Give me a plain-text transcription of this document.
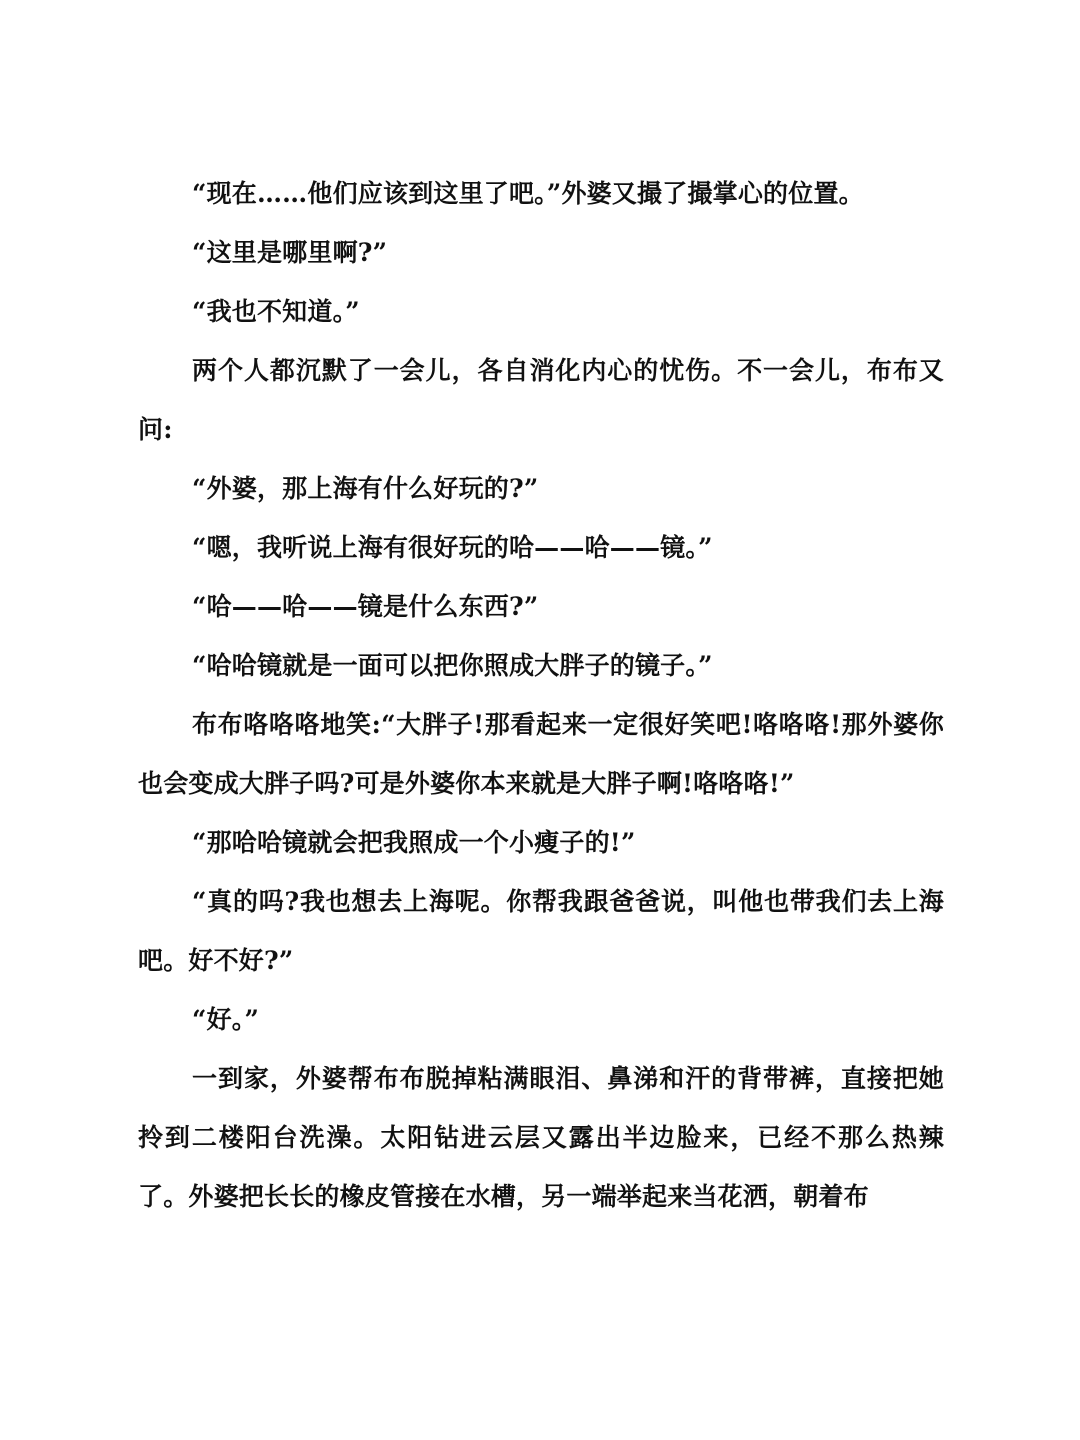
“现在……他们应该到这里了吧。”外婆又撮了撮掌心的位置。

“这里是哪里啊?”

“我也不知道。”

两个人都沉默了一会儿，各自消化内心的忧伤。不一会儿，布布又问:

“外婆，那上海有什么好玩的?”

“嗯，我听说上海有很好玩的哈——哈——镜。”

“哈——哈——镜是什么东西?”

“哈哈镜就是一面可以把你照成大胖子的镜子。”

布布咯咯咯地笑:“大胖子!那看起来一定很好笑吧!咯咯咯!那外婆你也会变成大胖子吗?可是外婆你本来就是大胖子啊!咯咯咯!”

“那哈哈镜就会把我照成一个小瘦子的!”

“真的吗?我也想去上海呢。你帮我跟爸爸说，叫他也带我们去上海吧。好不好?”

“好。”

一到家，外婆帮布布脱掉粘满眼泪、鼻涕和汗的背带裤，直接把她拎到二楼阳台洗澡。太阳钻进云层又露出半边脸来，已经不那么热辣了。外婆把长长的橡皮管接在水槽，另一端举起来当花洒，朝着布
